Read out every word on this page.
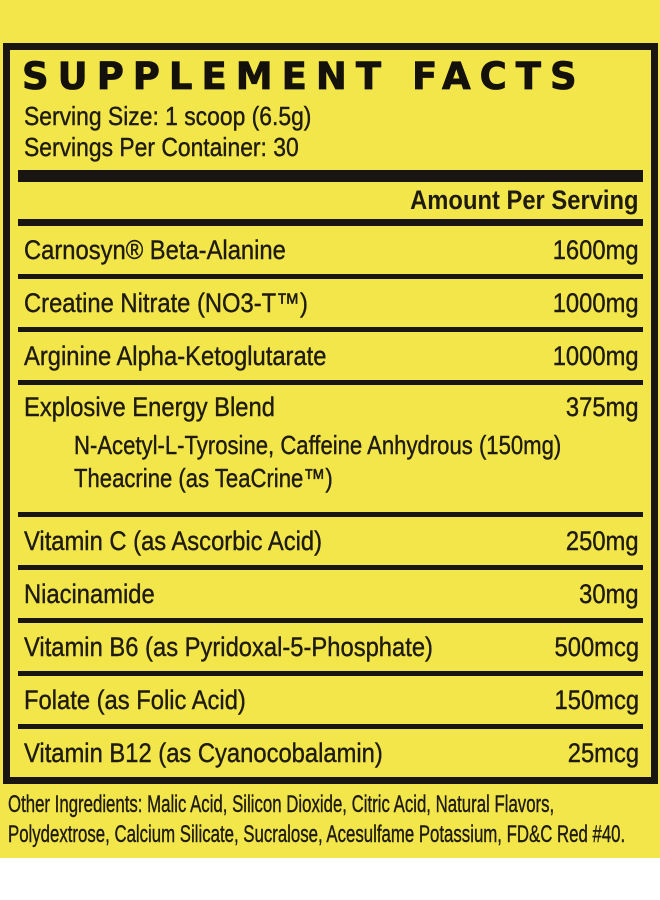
SUPPLEMENT FACTS
Serving Size: 1 scoop (6.5g)
Servings Per Container: 30
Amount Per Serving
Carnosyn® Beta-Alanine	1600mg
Creatine Nitrate (NO3-T™)	1000mg
Arginine Alpha-Ketoglutarate	1000mg
Explosive Energy Blend	375mg
N-Acetyl-L-Tyrosine, Caffeine Anhydrous (150mg)
Theacrine (as TeaCrine™)
Vitamin C (as Ascorbic Acid)	250mg
Niacinamide	30mg
Vitamin B6 (as Pyridoxal-5-Phosphate)	500mcg
Folate (as Folic Acid)	150mcg
Vitamin B12 (as Cyanocobalamin)	25mcg
Other Ingredients: Malic Acid, Silicon Dioxide, Citric Acid, Natural Flavors,
Polydextrose, Calcium Silicate, Sucralose, Acesulfame Potassium, FD&C Red #40.
